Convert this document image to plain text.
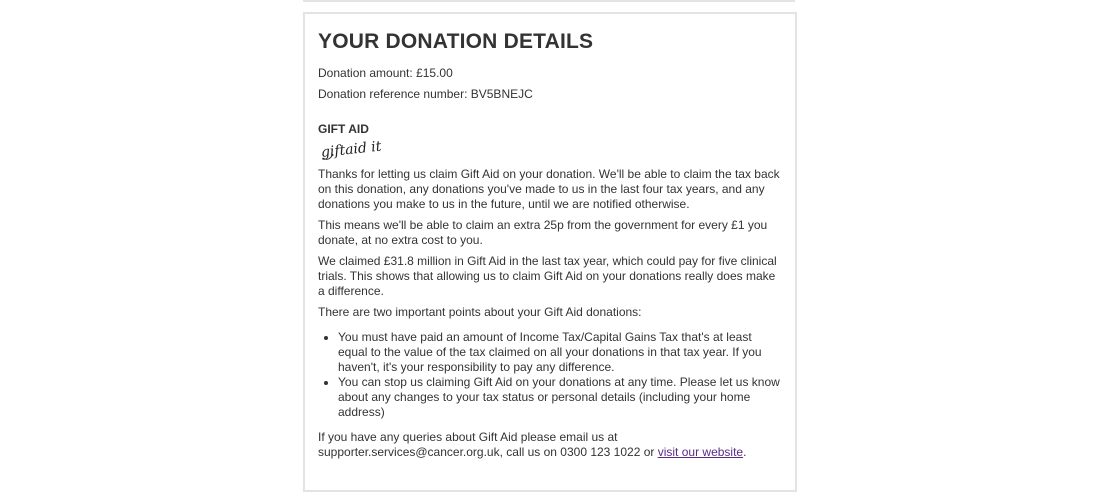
YOUR DONATION DETAILS

Donation amount: £15.00

Donation reference number: BV5BNEJC

GIFT AID
giftaid it

Thanks for letting us claim Gift Aid on your donation. We'll be able to claim the tax back on this donation, any donations you've made to us in the last four tax years, and any donations you make to us in the future, until we are notified otherwise.

This means we'll be able to claim an extra 25p from the government for every £1 you donate, at no extra cost to you.

We claimed £31.8 million in Gift Aid in the last tax year, which could pay for five clinical trials. This shows that allowing us to claim Gift Aid on your donations really does make a difference.

There are two important points about your Gift Aid donations:

• You must have paid an amount of Income Tax/Capital Gains Tax that's at least equal to the value of the tax claimed on all your donations in that tax year. If you haven't, it's your responsibility to pay any difference.
• You can stop us claiming Gift Aid on your donations at any time. Please let us know about any changes to your tax status or personal details (including your home address)

If you have any queries about Gift Aid please email us at supporter.services@cancer.org.uk, call us on 0300 123 1022 or visit our website.
